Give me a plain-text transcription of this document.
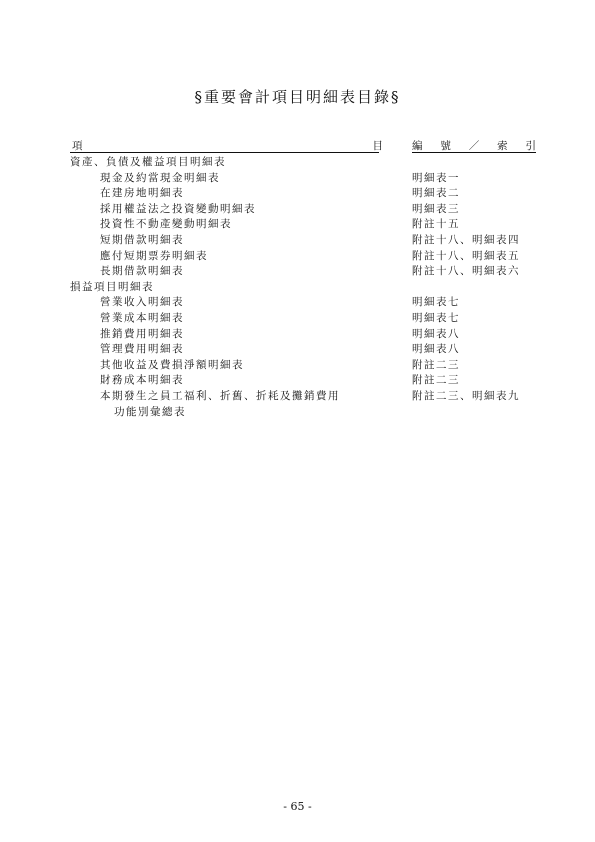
§重要會計項目明細表目錄§
項	目	編 號 ／ 索 引
資產、負債及權益項目明細表
現金及約當現金明細表	明細表一
在建房地明細表	明細表二
採用權益法之投資變動明細表	明細表三
投資性不動產變動明細表	附註十五
短期借款明細表	附註十八、明細表四
應付短期票券明細表	附註十八、明細表五
長期借款明細表	附註十八、明細表六
損益項目明細表
營業收入明細表	明細表七
營業成本明細表	明細表七
推銷費用明細表	明細表八
管理費用明細表	明細表八
其他收益及費損淨額明細表	附註二三
財務成本明細表	附註二三
本期發生之員工福利、折舊、折耗及攤銷費用	附註二三、明細表九
功能別彙總表
- 65 -
